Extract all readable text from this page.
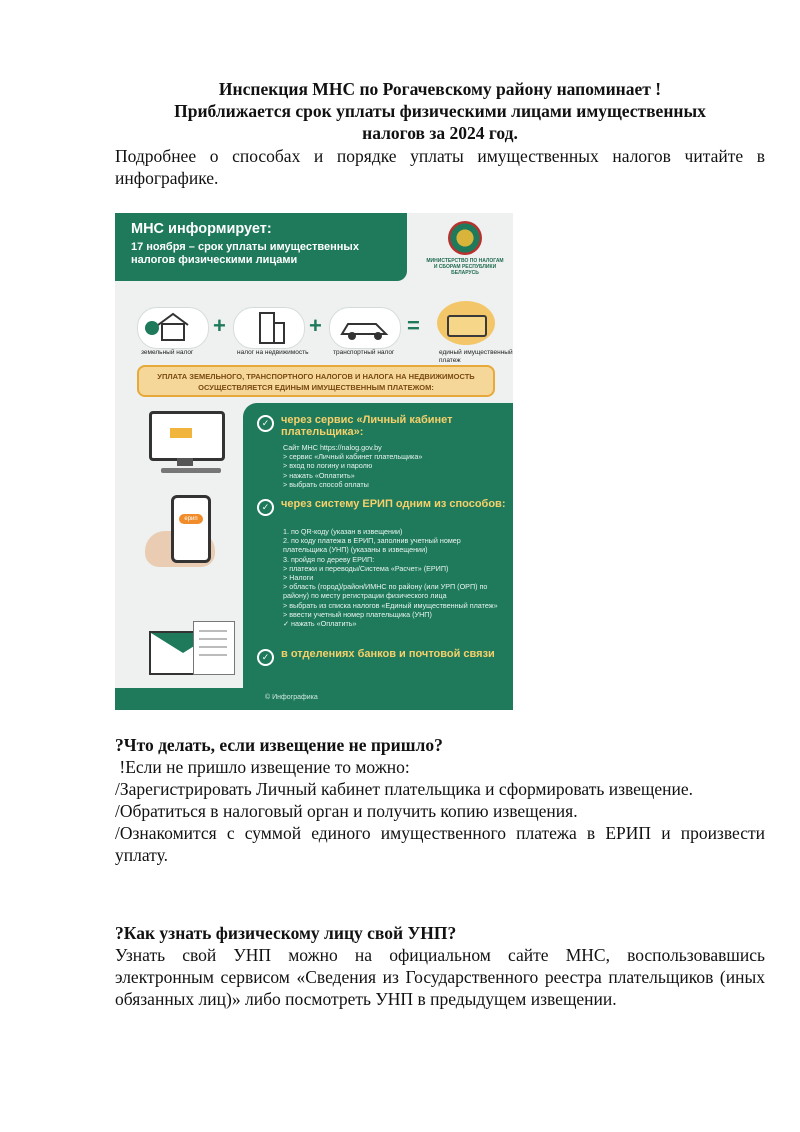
Инспекция МНС по Рогачевскому району напоминает !
Приближается срок уплаты физическими лицами имущественных
налогов за 2024 год.
Подробнее о способах и порядке уплаты имущественных налогов читайте в инфографике.
МНС информирует:
17 ноября – срок уплаты имущественных налогов физическими лицами	МИНИСТЕРСТВО ПО НАЛОГАМ И СБОРАМ РЕСПУБЛИКИ БЕЛАРУСЬ
земельный налог
+
налог на недвижимость
+
транспортный налог
=
единый имущественный платеж
УПЛАТА ЗЕМЕЛЬНОГО, ТРАНСПОРТНОГО НАЛОГОВ И НАЛОГА НА НЕДВИЖИМОСТЬ ОСУЩЕСТВЛЯЕТСЯ ЕДИНЫМ ИМУЩЕСТВЕННЫМ ПЛАТЕЖОМ:
ерип
✓	через сервис «Личный кабинет плательщика»:
Сайт МНС https://nalog.gov.by
> сервис «Личный кабинет плательщика»
> вход по логину и паролю
> нажать «Оплатить»
> выбрать способ оплаты
✓	через систему ЕРИП одним из способов:
1. по QR-коду (указан в извещении)
2. по коду платежа в ЕРИП, заполнив учетный номер плательщика (УНП) (указаны в извещении)
3. пройдя по дереву ЕРИП:
> платежи и переводы/Система «Расчет» (ЕРИП)
> Налоги
> область (город)/район/ИМНС по району (или УРП (ОРП) по району) по месту регистрации физического лица
> выбрать из списка налогов «Единый имущественный платеж»
> ввести учетный номер плательщика (УНП)
✓ нажать «Оплатить»
✓	в отделениях банков и почтовой связи
© Инфографика
?Что делать, если извещение не пришло?
!Если не пришло извещение то можно:
/Зарегистрировать Личный кабинет плательщика и сформировать извещение.
/Обратиться в налоговый орган и получить копию извещения.
/Ознакомится с суммой единого имущественного платежа в ЕРИП и произвести уплату.
?Как узнать физическому лицу свой УНП?
Узнать свой УНП можно на официальном сайте МНС, воспользовавшись электронным сервисом «Сведения из Государственного реестра плательщиков (иных обязанных лиц)» либо посмотреть УНП в предыдущем извещении.
